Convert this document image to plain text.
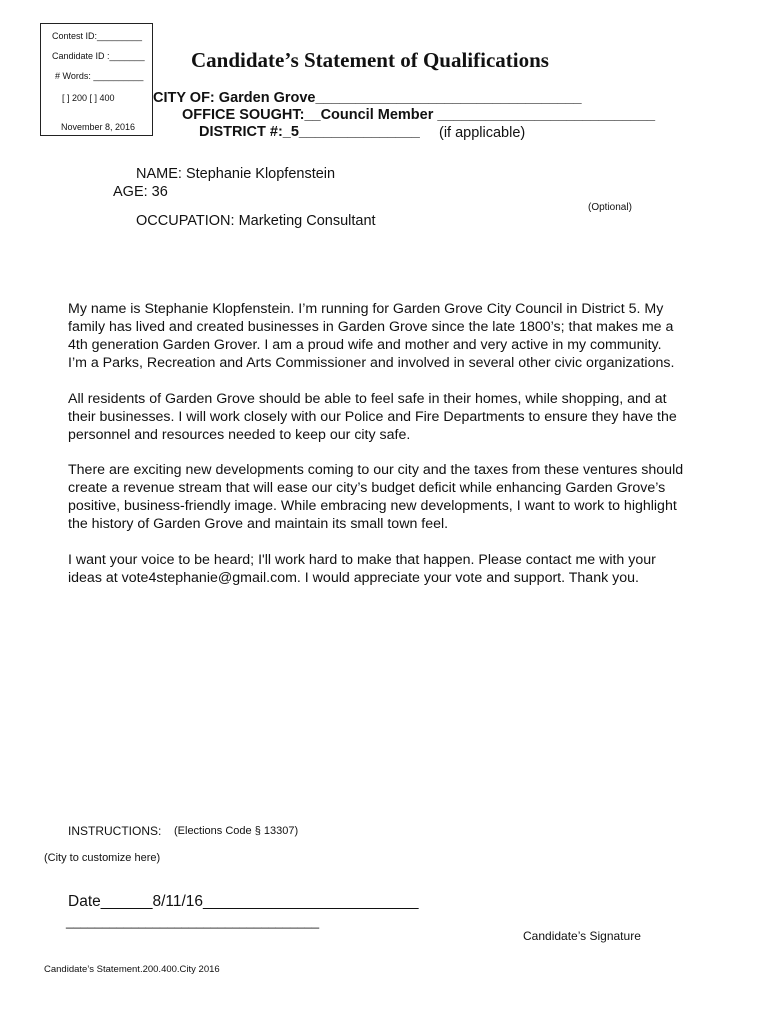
Contest ID:_________
Candidate ID :_______
# Words: __________
[ ] 200 [ ] 400
November 8, 2016
Candidate’s Statement of Qualifications
CITY OF: Garden Grove_________________________________
OFFICE SOUGHT:__Council Member ___________________________
DISTRICT #:_5_______________ (if applicable)
NAME: Stephanie Klopfenstein
AGE: 36
(Optional)
OCCUPATION: Marketing Consultant

My name is Stephanie Klopfenstein. I’m running for Garden Grove City Council in District 5. My
family has lived and created businesses in Garden Grove since the late 1800’s; that makes me a
4th generation Garden Grover. I am a proud wife and mother and very active in my community.
I’m a Parks, Recreation and Arts Commissioner and involved in several other civic organizations.

All residents of Garden Grove should be able to feel safe in their homes, while shopping, and at
their businesses. I will work closely with our Police and Fire Departments to ensure they have the
personnel and resources needed to keep our city safe.

There are exciting new developments coming to our city and the taxes from these ventures should
create a revenue stream that will ease our city’s budget deficit while enhancing Garden Grove’s
positive, business-friendly image. While embracing new developments, I want to work to highlight
the history of Garden Grove and maintain its small town feel.

I want your voice to be heard; I'll work hard to make that happen. Please contact me with your
ideas at vote4stephanie@gmail.com. I would appreciate your vote and support. Thank you.

INSTRUCTIONS: (Elections Code § 13307)
(City to customize here)
Date______8/11/16_________________________
___________________________________
Candidate’s Signature
Candidate’s Statement.200.400.City 2016
